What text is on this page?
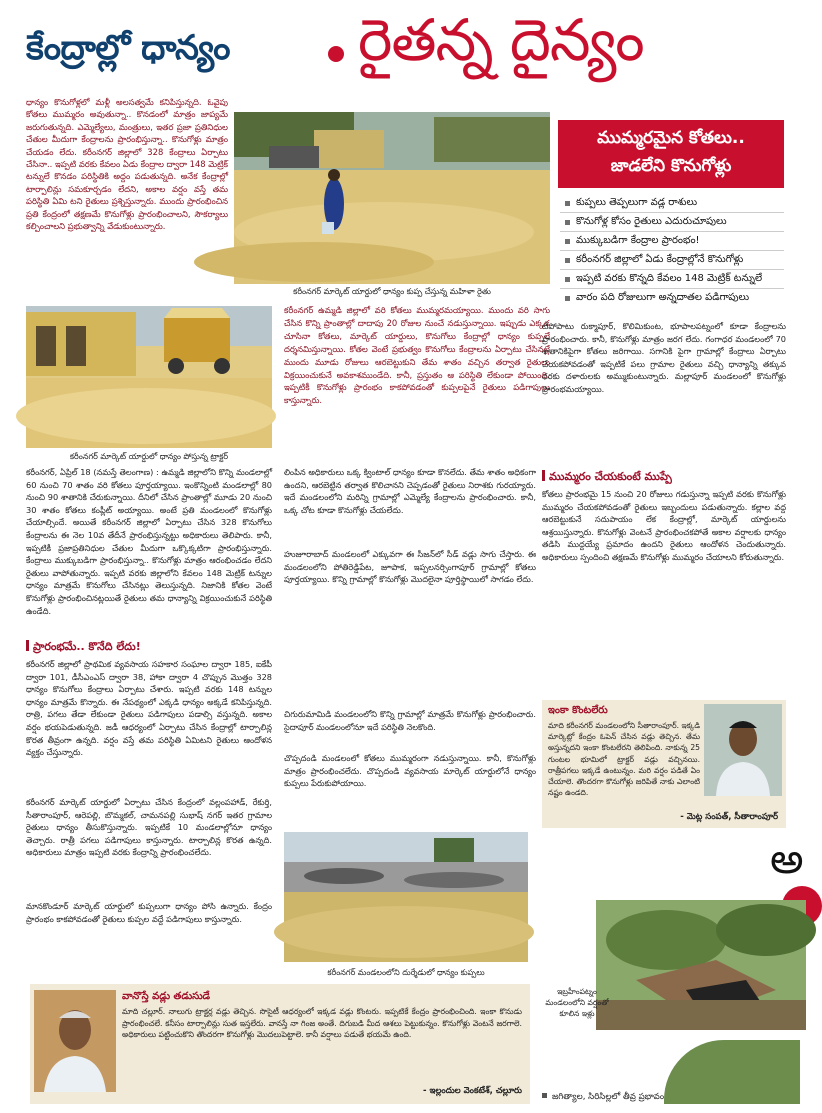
కేంద్రాల్లో ధాన్యం రైతన్న దైన్యం

ధాన్యం కొనుగోళ్లలో మళ్లీ అలసత్వమే కనిపిస్తున్నది. ఓవైపు కోతలు ముమ్మరం అవుతున్నా.. కొనడంలో మాత్రం జాప్యమే జరుగుతున్నది. ఎమ్మెల్యేలు, మంత్రులు, ఇతర ప్రజా ప్రతినిధుల చేతుల మీదుగా కేంద్రాలను ప్రారంభిస్తున్నా.. కొనుగోళ్లు మాత్రం చేయడం లేదు. కరీంనగర్ జిల్లాలో 328 కేంద్రాలు ఏర్పాటు చేసినా.. ఇప్పటి వరకు కేవలం ఏడు కేంద్రాల ద్వారా 148 మెట్రిక్ టన్నులే కొనడం పరిస్థితికి అద్దం పడుతున్నది. అనేక కేంద్రాల్లో టార్పాలిన్లు సమకూర్చడం లేదని, అకాల వర్షం వస్తే తమ పరిస్థితి ఏమి టని రైతులు ప్రశ్నిస్తున్నారు. ముందు ప్రారంభించిన ప్రతి కేంద్రంలో తక్షణమే కొనుగోళ్లు ప్రారంభించాలని, సౌకర్యాలు కల్పించాలని ప్రభుత్వాన్ని వేడుకుంటున్నారు.

కరీంనగర్ మార్కెట్ యార్డులో ధాన్యం కుప్ప చేస్తున్న మహిళా రైతు
ముమ్మరమైన కోతలు..
జాడలేని కొనుగోళ్లు
కుప్పలు తెప్పలుగా వడ్ల రాశులు
కొనుగోళ్ల కోసం రైతులు ఎదురుచూపులు
ముక్కుబడిగా కేంద్రాల ప్రారంభం!
కరీంనగర్ జిల్లాలో ఏడు కేంద్రాల్లోనే కొనుగోళ్లు
ఇప్పటి వరకు కొన్నది కేవలం 148 మెట్రిక్ టన్నులే
వారం పది రోజులుగా అన్నదాతల పడిగాపులు
కరీంనగర్ మార్కెట్ యార్డులో ధాన్యం పోస్తున్న ట్రాక్టర్

కరీంనగర్ ఉమ్మడి జిల్లాలో వరి కోతలు ముమ్మరమయ్యాయి. ముందు వరి సాగు చేసిన కొన్ని ప్రాంతాల్లో దాదాపు 20 రోజుల నుంచే నడుస్తున్నాయి. ఇప్పుడు ఎక్కడ చూసినా కోతలు, మార్కెట్ యార్డులు, కొనుగోలు కేంద్రాల్లో ధాన్యం కుప్పలే దర్శనమిస్తున్నాయి. కోతల వెంటే ప్రభుత్వం కొనుగోలు కేంద్రాలను ఏర్పాటు చేసినట్లే ముందు మూడు రోజులు ఆరబెట్టుకుని తేమ శాతం వచ్చిన తర్వాత రైతులు విక్రయించుకునే అవకాశముండేది. కానీ, ప్రస్తుతం ఆ పరిస్థితి లేకుండా పోయింది. ఇప్పటికీ కొనుగోళ్లు ప్రారంభం కాకపోవడంతో కుప్పలపైనే రైతులు పడిగాపులు కాస్తున్నారు.

కరీంనగర్, ఏప్రిల్ 18 (నమస్తే తెలంగాణ) : ఉమ్మడి జిల్లాలోని కొన్ని మండలాల్లో 60 నుంచి 70 శాతం వరి కోతలు పూర్తయ్యాయి. ఇంకొన్నింటి మండలాల్లో 80 నుంచి 90 శాతానికి చేరుకున్నాయి. దీనిలో చేసిన ప్రాంతాల్లో మూడు 20 నుంచి 30 శాతం కోతలు కంప్లీట్ అయ్యాయి. అంటే ప్రతి మండలంలో కొనుగోళ్లు చేయాల్సిందే. అయితే కరీంనగర్ జిల్లాలో ఏర్పాటు చేసిన 328 కొనుగోలు కేంద్రాలను ఈ నెల 10వ తేదీనే ప్రారంభిస్తున్నట్టు అధికారులు తెలిపారు. కానీ, ఇప్పటికీ ప్రజాప్రతినిధుల చేతుల మీదుగా ఒక్కొక్కటిగా ప్రారంభిస్తున్నారు. కేంద్రాలు ముక్కుబడిగా ప్రారంభిస్తున్నా.. కొనుగోళ్లు మాత్రం ఆరంభించడం లేదని రైతులు వాపోతున్నారు. ఇప్పటి వరకు జిల్లాలోని కేవలం 148 మెట్రిక్ టన్నుల ధాన్యం మాత్రమే కొనుగోలు చేసినట్లు తెలుస్తున్నది. నిజానికి కోతల వెంటే కొనుగోళ్లు ప్రారంభించినట్లయితే రైతులు తమ ధాన్యాన్ని విక్రయించుకునే పరిస్థితి ఉండేది.

ప్రారంభమే.. కొనేది లేదు!

కరీంనగర్ జిల్లాలో ప్రాథమిక వ్యవసాయ సహకార సంఘాల ద్వారా 185, ఐకేపీ ద్వారా 101, డీసీఎంఎస్ ద్వారా 38, హాకా ద్వారా 4 చొప్పున మొత్తం 328 ధాన్యం కొనుగోలు కేంద్రాలు ఏర్పాటు చేశారు. ఇప్పటి వరకు 148 టన్నుల ధాన్యం మాత్రమే కొన్నారు. ఈ నేపథ్యంలో ఎక్కడి ధాన్యం అక్కడే కనిపిస్తున్నది. రాత్రి, పగలు తేడా లేకుండా రైతులు పడిగాపులు పడాల్సి వస్తున్నది. అకాల వర్షం భయపెడుతున్నది. జడీ ఆధర్యంలో ఏర్పాటు చేసిన కేంద్రాల్లో టార్పాలిన్ల కొరత తీవ్రంగా ఉన్నది. వర్షం వస్తే తమ పరిస్థితి ఏమిటని రైతులు ఆందోళన వ్యక్తం చేస్తున్నారు.

కరీంనగర్ మార్కెట్ యార్డులో ఏర్పాటు చేసిన కేంద్రంలో వల్లంపహాడ్, రేకుర్తి, సీతారాంపూర్, ఆరెపల్లి, బొమ్మకల్, చామనపల్లి సుభాష్ నగర్ ఇతర గ్రామాల రైతులు ధాన్యం తీసుకొస్తున్నారు. ఇప్పటికే 10 మండలాల్లోనూ ధాన్యం తెచ్చారు. రాత్రీ పగలు పడిగాపులు కాస్తున్నారు. టార్పాలిన్ల కొరత ఉన్నది. అధికారులు మాత్రం ఇప్పటి వరకు కేంద్రాన్ని ప్రారంభించలేదు.

మానకొండూర్ మార్కెట్ యార్డులో కుప్పలుగా ధాన్యం పోసి ఉన్నారు. కేంద్రం ప్రారంభం కాకపోవడంతో రైతులు కుప్పల వద్దే పడిగాపులు కాస్తున్నారు.

లింపిన అధికారులు ఒక్క క్వింటాల్ ధాన్యం కూడా కొనలేదు. తేమ శాతం అధికంగా ఉందని, ఆరబెట్టిన తర్వాత కొలిచానని చెప్పడంతో రైతులు నిరాశకు గురయ్యారు. ఇదే మండలంలోని మరిన్ని గ్రామాల్లో ఎమ్మెల్యే కేంద్రాలను ప్రారంభించారు. కానీ, ఒక్క చోట కూడా కొనుగోళ్లు చేయలేదు.

హుజూరాబాద్ మండలంలో ఎక్కువగా ఈ సీజన్‌లో సీడ్ వడ్లు సాగు చేస్తారు. ఈ మండలంలోని పోతిరెడ్డిపేట, జూపాక, ఇప్పలనర్సింగాపూర్ గ్రామాల్లో కోతలు పూర్తయ్యాయి. కొన్ని గ్రామాల్లో కొనుగోళ్లు మొదలైనా పూర్తిస్థాయిలో సాగడం లేదు.

చిగురుమామిడి మండలంలోని కొన్ని గ్రామాల్లో మాత్రమే కొనుగోళ్లు ప్రారంభించారు. సైదాపూర్ మండలంలోనూ ఇదే పరిస్థితి నెలకొంది.

చొప్పదండి మండలంలో కోతలు ముమ్మరంగా నడుస్తున్నాయి. కానీ, కొనుగోళ్లు మాత్రం ప్రారంభించలేదు. చొప్పదండి వ్యవసాయ మార్కెట్ యార్డులోనే ధాన్యం కుప్పలు పేరుకుపోయాయి.

కరీంనగర్ మండలంలోని దుర్శేడులో ధాన్యం కుప్పలు

టిపోపాటు రుక్మాపూర్, కొలిమికుంట, భూపాలపట్నంలో కూడా కేంద్రాలను ప్రారంభించారు. కానీ, కొనుగోళ్లు మాత్రం జరగ లేదు. గంగాధర మండలంలో 70 శాతానికిపైగా కోతలు జరిగాయి. సగానికి పైగా గ్రామాల్లో కేంద్రాలు ఏర్పాటు చేయకపోవడంతో ఇప్పటికే పలు గ్రామాల రైతులు వచ్చి ధాన్యాన్ని తక్కువ ధరకు దళారులకు అమ్ముకుంటున్నారు. మల్లాపూర్ మండలంలో కొనుగోళ్లు ప్రారంభమయ్యాయి.

ముమ్మరం చేయకుంటే ముప్పే

కోతలు ప్రారంభమై 15 నుంచి 20 రోజులు గడుస్తున్నా ఇప్పటి వరకు కొనుగోళ్లు ముమ్మరం చేయకపోవడంతో రైతులు ఇబ్బందులు పడుతున్నారు. కల్లాల వద్ద ఆరబెట్టుకునే సదుపాయం లేక కేంద్రాల్లో, మార్కెట్ యార్డులను ఆశ్రయిస్తున్నారు. కొనుగోళ్లు వెంటనే ప్రారంభించకపోతే అకాల వర్షాలకు ధాన్యం తడిసి ముద్దయ్యే ప్రమాదం ఉందని రైతులు ఆందోళన చెందుతున్నారు. అధికారులు స్పందించి తక్షణమే కొనుగోళ్లు ముమ్మరం చేయాలని కోరుతున్నారు.

ఇంకా కొంటలేరు

మాది కరీంనగర్ మండలంలోని సీతారాంపూర్. ఇక్కడి మార్కెట్లో కేంద్రం ఓపెన్ చేసిన వడ్లు తెచ్చిన. తేమ అస్తున్నదని ఇంకా కొంటలేరని తెలిపింది. నాకున్న 25 గుంటల భూమిలో ట్రాక్టర్ వడ్లు వచ్చినయి. రాత్రీపగలు ఇక్కడే ఉంటున్నం. మరి వర్షం పడితే ఏం చేయాలె. తొందరగా కొనుగోళ్లు జరిపితే నాకు ఎలాంటి నష్టం ఉండది.

- మెట్ల సంపత్, సీతారాంపూర్
వానొస్తే వడ్లు తడుసుడే

మాది చల్లూర్. నాలుగు ట్రాక్టర్ల వడ్లు తెచ్చిన. సొసైటీ ఆధర్యంలో ఇక్కడ వడ్లు కొంటరు. ఇప్పటికే కేంద్రం ప్రారంభించింది. ఇంకా కొనుడు ప్రారంభించలే. కనీసం టార్పాలిన్లు సుత ఇస్తలేరు. వానస్తే నా గింజ అంతే. దిగుబడి మీద ఆశలు పెట్టుకున్నం. కొనుగోళ్లు వెంటనే జరగాలె. అధికారులు పట్టించుకొని తొందరగా కొనుగోళ్లు మొదలుపెట్టాలె. కానీ వర్షాలు పడుతే భయమే ఉంది.

- ఇల్లందుల వెంకటేశ్, చల్లూరు
అ
ఇబ్రహీంపట్నం మండలంలోని వర్షంతో కూలిన ఇళ్లు
జగిత్యాల, సిరిసిల్లలో తీవ్ర ప్రభావం
